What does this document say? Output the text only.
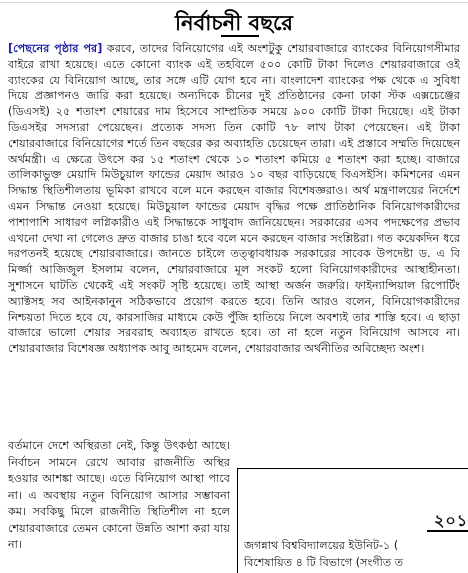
নির্বাচনী বছরে

[পেছনের পৃষ্ঠার পর] করবে, তাদের বিনিয়োগের এই অংশটুকু শেয়ারবাজারে ব্যাংকের বিনিয়োগসীমার বাইরে রাখা হয়েছে। এতে কোনো ব্যাংক এই তহবিলে ৫০০ কোটি টাকা দিলেও শেয়ারবাজারে ওই ব্যাংকের যে বিনিয়োগ আছে, তার সঙ্গে এটি যোগ হবে না। বাংলাদেশ ব্যাংকের পক্ষ থেকে এ সুবিধা দিয়ে প্রজ্ঞাপনও জারি করা হয়েছে। অন্যদিকে চীনের দুই প্রতিষ্ঠানের কেনা ঢাকা স্টক এক্সচেঞ্জের (ডিএসই) ২৫ শতাংশ শেয়ারের দাম হিসেবে সাম্প্রতিক সময়ে ৯০০ কোটি টাকা দিয়েছে। এই টাকা ডিএসইর সদস্যরা পেয়েছেন। প্রত্যেক সদস্য তিন কোটি ৭৮ লাখ টাকা পেয়েছেন। এই টাকা শেয়ারবাজারে বিনিয়োগের শর্তে তিন বছরের কর অব্যাহতি চেয়েছেন তারা। এই প্রস্তাবে সম্মতি দিয়েছেন অর্থমন্ত্রী। এ ক্ষেত্রে উৎসে কর ১৫ শতাংশ থেকে ১০ শতাংশ কমিয়ে ৫ শতাংশ করা হচ্ছে। বাজারে তালিকাভুক্ত মেয়াদি মিউচুয়াল ফান্ডের মেয়াদ আরও ১০ বছর বাড়িয়েছে বিএসইসি। কমিশনের এমন সিদ্ধান্ত স্থিতিশীলতায় ভূমিকা রাখবে বলে মনে করছেন বাজার বিশেষজ্ঞরাও। অর্থ মন্ত্রণালয়ের নির্দেশে এমন সিদ্ধান্ত নেওয়া হয়েছে। মিউচুয়াল ফান্ডের মেয়াদ বৃদ্ধির পক্ষে প্রাতিষ্ঠানিক বিনিয়োগকারীদের পাশাপাশি সাধারণ লগ্নিকারীও এই সিদ্ধান্তকে সাধুবাদ জানিয়েছেন। সরকারের এসব পদক্ষেপের প্রভাব এখনো দেখা না গেলেও দ্রুত বাজার চাঙা হবে বলে মনে করছেন বাজার সংশ্লিষ্টরা। গত কয়েকদিন ধরে দরপতনই হয়েছে শেয়ারবাজারে। জানতে চাইলে তত্ত্বাবধায়ক সরকারের সাবেক উপদেষ্টা ড. এ বি মির্জ্জা আজিজুল ইসলাম বলেন, শেয়ারবাজারে মূল সংকট হলো বিনিয়োগকারীদের আস্থাহীনতা। সুশাসনে ঘাটতি থেকেই এই সংকট সৃষ্টি হয়েছে। তাই আস্থা অর্জন জরুরি। ফাইন্যান্সিয়াল রিপোর্টিং অ্যাক্টসহ সব আইনকানুন সঠিকভাবে প্রয়োগ করতে হবে। তিনি আরও বলেন, বিনিয়োগকারীদের নিশ্চয়তা দিতে হবে যে, কারসাজির মাধ্যমে কেউ পুঁজি হাতিয়ে নিলে অবশ্যই তার শাস্তি হবে। এ ছাড়া বাজারে ভালো শেয়ার সরবরাহ অব্যাহত রাখতে হবে। তা না হলে নতুন বিনিয়োগ আসবে না। শেয়ারবাজার বিশেষজ্ঞ অধ্যাপক আবু আহমেদ বলেন, শেয়ারবাজার অর্থনীতির অবিচ্ছেদ্য অংশ।

বর্তমানে দেশে অস্থিরতা নেই, কিন্তু উৎকণ্ঠা আছে। নির্বাচন সামনে রেখে আবার রাজনীতি অস্থির হওয়ার আশঙ্কা আছে। এতে বিনিয়োগ আস্থা পাবে না। এ অবস্থায় নতুন বিনিয়োগ আসার সম্ভাবনা কম। সবকিছু মিলে রাজনীতি স্থিতিশীল না হলে শেয়ারবাজারে তেমন কোনো উন্নতি আশা করা যায় না।

২০১
জগন্নাথ বিশ্ববিদ্যালয়ের ইউনিট-১ (
বিশেষায়িত ৪ টি বিভাগে (সংগীত ত
